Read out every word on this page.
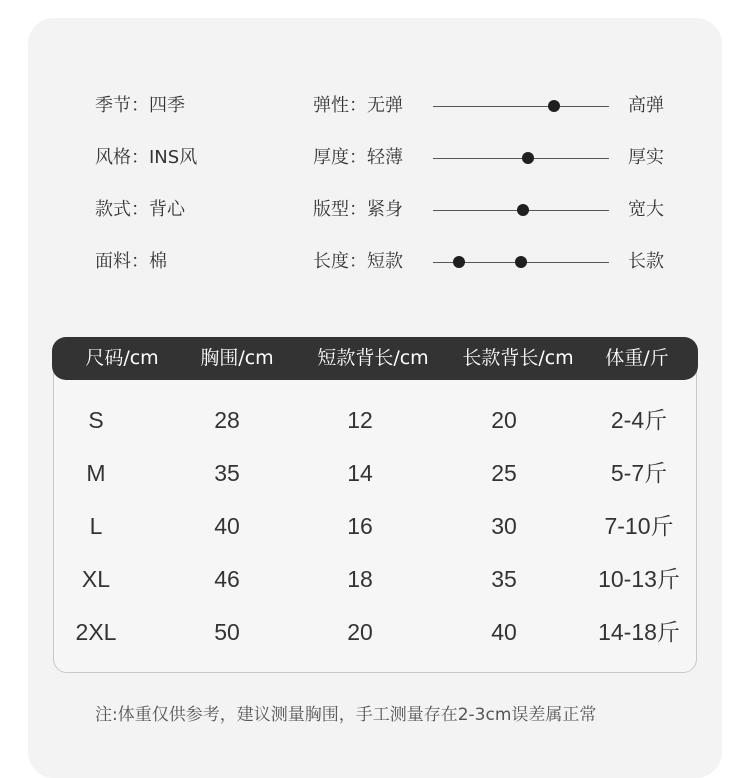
季节：四季	弹性：无弹	高弹
风格：INS风	厚度：轻薄	厚实
款式：背心	版型：紧身	宽大
面料：棉	长度：短款	长款
尺码/cm 胸围/cm 短款背长/cm 长款背长/cm 体重/斤
S	28	12	20	2-4斤
M	35	14	25	5-7斤
L	40	16	30	7-10斤
XL	46	18	35	10-13斤
2XL	50	20	40	14-18斤
注:体重仅供参考，建议测量胸围，手工测量存在2-3cm误差属正常
